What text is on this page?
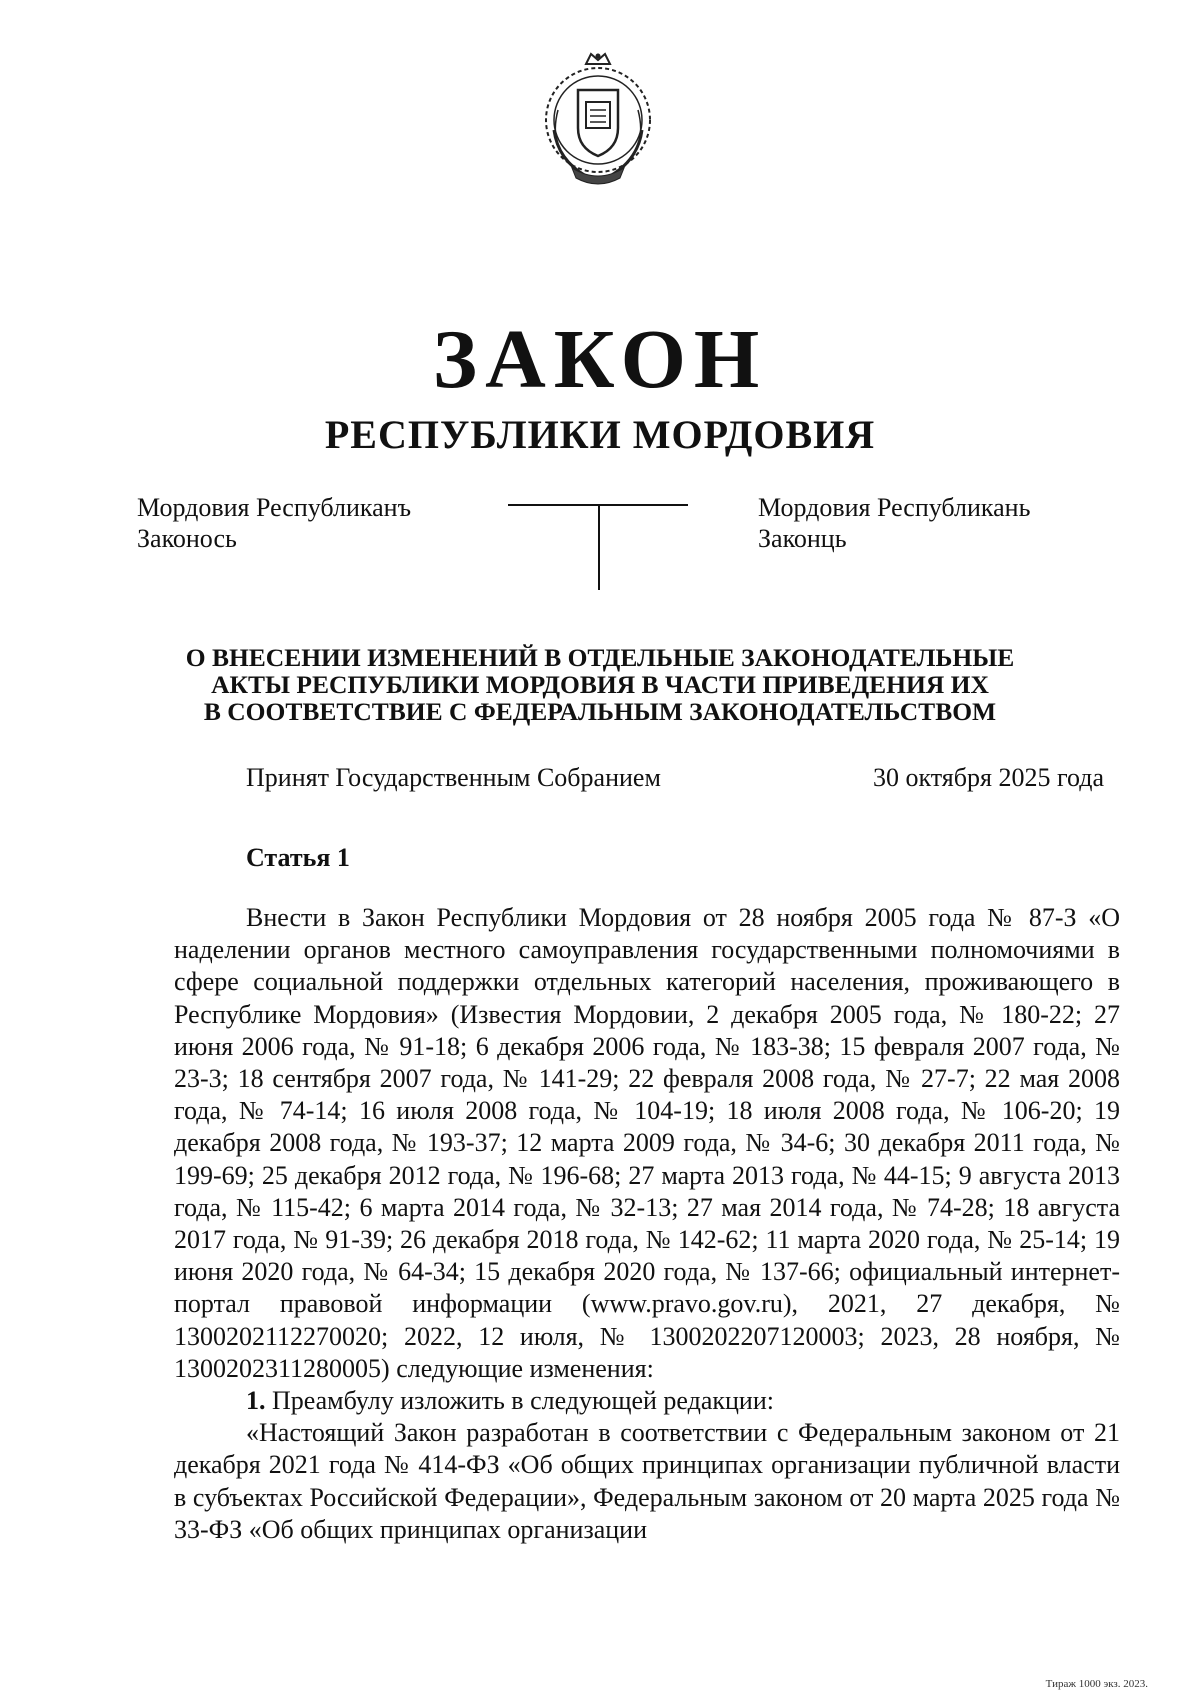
ЗАКОН
РЕСПУБЛИКИ МОРДОВИЯ
Мордовия Республиканъ
Законось
Мордовия Республикань
Законць
О ВНЕСЕНИИ ИЗМЕНЕНИЙ В ОТДЕЛЬНЫЕ ЗАКОНОДАТЕЛЬНЫЕ
АКТЫ РЕСПУБЛИКИ МОРДОВИЯ В ЧАСТИ ПРИВЕДЕНИЯ ИХ
В СООТВЕТСТВИЕ С ФЕДЕРАЛЬНЫМ ЗАКОНОДАТЕЛЬСТВОМ
Принят Государственным Собранием	30 октября 2025 года
Статья 1

Внести в Закон Республики Мордовия от 28 ноября 2005 года № 87-З «О наделении органов местного самоуправления государственными полномочиями в сфере социальной поддержки отдельных категорий населения, проживающего в Республике Мордовия» (Известия Мордовии, 2 декабря 2005 года, № 180-22; 27 июня 2006 года, № 91-18; 6 декабря 2006 года, № 183-38; 15 февраля 2007 года, № 23-3; 18 сентября 2007 года, № 141-29; 22 февраля 2008 года, № 27-7; 22 мая 2008 года, № 74-14; 16 июля 2008 года, № 104-19; 18 июля 2008 года, № 106-20; 19 декабря 2008 года, № 193-37; 12 марта 2009 года, № 34-6; 30 декабря 2011 года, № 199-69; 25 декабря 2012 года, № 196-68; 27 марта 2013 года, № 44-15; 9 августа 2013 года, № 115-42; 6 марта 2014 года, № 32-13; 27 мая 2014 года, № 74-28; 18 августа 2017 года, № 91-39; 26 декабря 2018 года, № 142-62; 11 марта 2020 года, № 25-14; 19 июня 2020 года, № 64-34; 15 декабря 2020 года, № 137-66; официальный интернет-портал правовой информации (www.pravo.gov.ru), 2021, 27 декабря, № 1300202112270020; 2022, 12 июля, № 1300202207120003; 2023, 28 ноября, № 1300202311280005) следующие изменения:

1. Преамбулу изложить в следующей редакции:

«Настоящий Закон разработан в соответствии с Федеральным законом от 21 декабря 2021 года № 414-ФЗ «Об общих принципах организации публичной власти в субъектах Российской Федерации», Федеральным законом от 20 марта 2025 года № 33-ФЗ «Об общих принципах организации

Тираж 1000 экз. 2023.
